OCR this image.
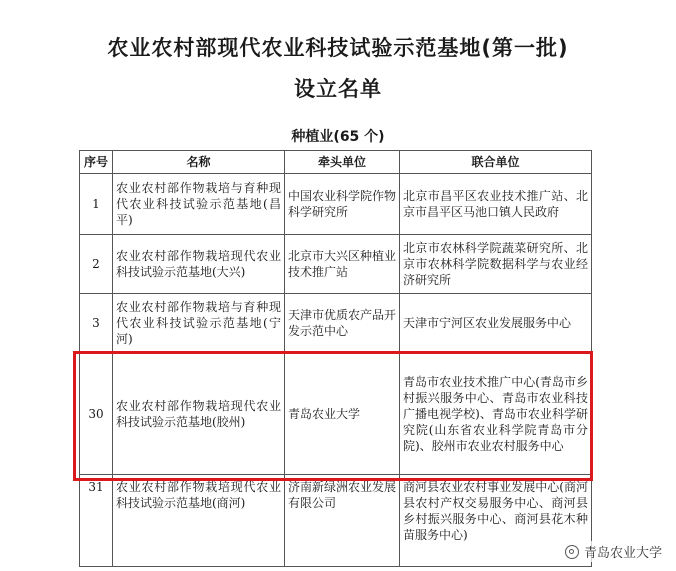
农业农村部现代农业科技试验示范基地(第一批)
设立名单
种植业(65 个)
序号	名称	牵头单位	联合单位
1	农业农村部作物栽培与育种现代农业科技试验示范基地(昌平)	中国农业科学院作物科学研究所	北京市昌平区农业技术推广站、北京市昌平区马池口镇人民政府

2	农业农村部作物栽培现代农业科技试验示范基地(大兴)	北京市大兴区种植业技术推广站	北京市农林科学院蔬菜研究所、北京市农林科学院数据科学与农业经济研究所

3	农业农村部作物栽培与育种现代农业科技试验示范基地(宁河)	天津市优质农产品开发示范中心	天津市宁河区农业发展服务中心

30	农业农村部作物栽培现代农业科技试验示范基地(胶州)	青岛农业大学	青岛市农业技术推广中心(青岛市乡村振兴服务中心、青岛市农业科技广播电视学校)、青岛市农业科学研究院(山东省农业科学院青岛市分院)、胶州市农业农村服务中心

31	农业农村部作物栽培现代农业科技试验示范基地(商河)	济南新绿洲农业发展有限公司	商河县农业农村事业发展中心(商河县农村产权交易服务中心、商河县乡村振兴服务中心、商河县花木种苗服务中心)
青岛农业大学
